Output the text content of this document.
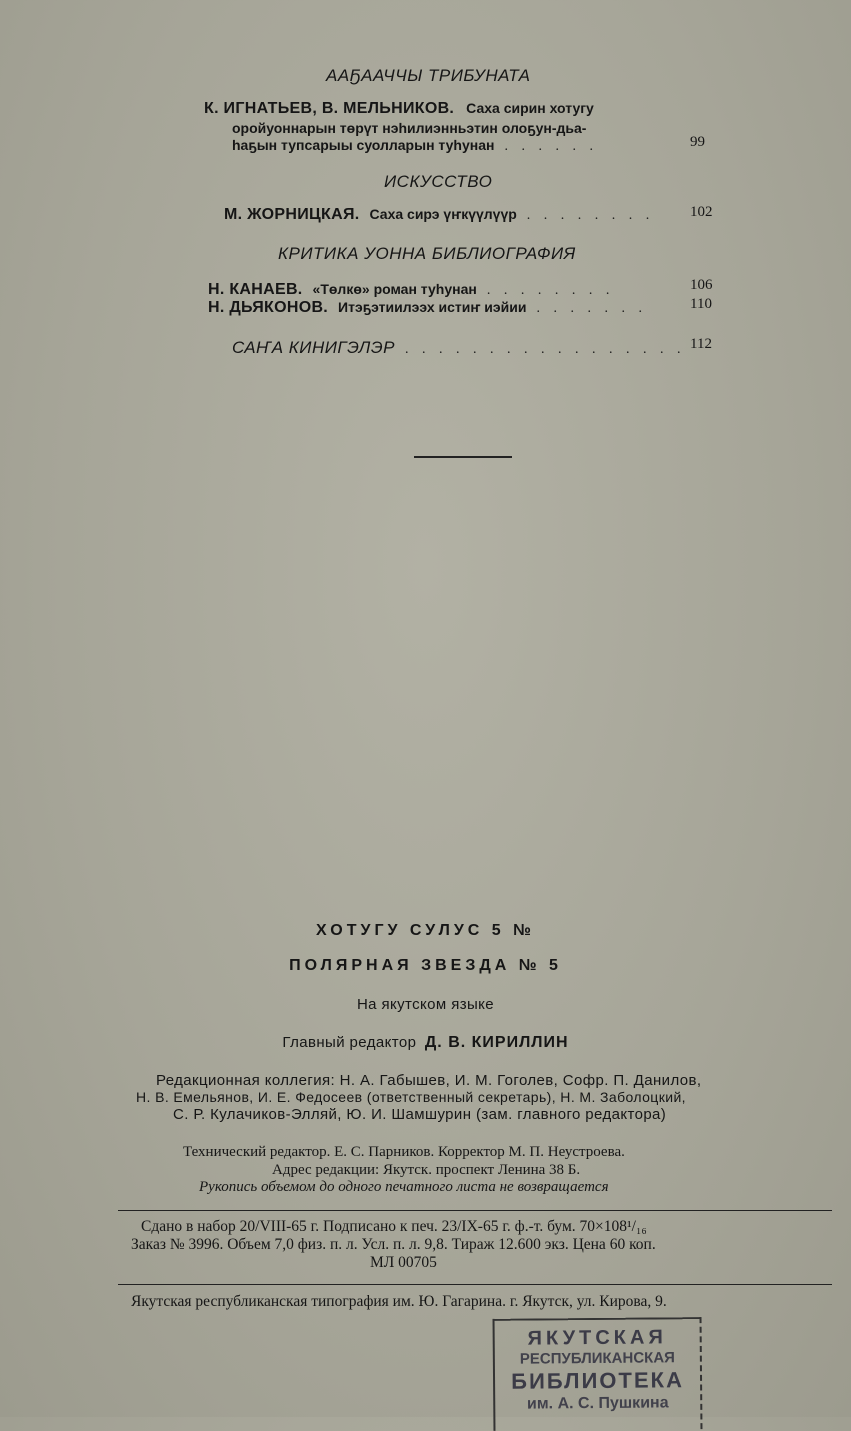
ААҔААЧЧЫ ТРИБУНАТА
К. ИГНАТЬЕВ, В. МЕЛЬНИКОВ. Саха сирин хотугу
оройуоннарын төрүт нэһилиэнньэтин олоҕун-дьа-
һаҕын тупсарыы суолларын туһунан . . . . . .	99
ИСКУССТВО
М. ЖОРНИЦКАЯ. Саха сирэ үҥкүүлүүр . . . . . . . . 102
КРИТИКА УОННА БИБЛИОГРАФИЯ
Н. КАНАЕВ. «Төлкө» роман туһунан . . . . . . . .	106
Н. ДЬЯКОНОВ. Итэҕэтиилээх истиҥ иэйии . . . . . . .	110
САҤА КИНИГЭЛЭР . . . . . . . . . . . . . . . . . 112
ХОТУГУ СУЛУС 5 №
ПОЛЯРНАЯ ЗВЕЗДА № 5
На якутском языке
Главный редактор Д. В. КИРИЛЛИН
Редакционная коллегия: Н. А. Габышев, И. М. Гоголев, Софр. П. Данилов,
Н. В. Емельянов, И. Е. Федосеев (ответственный секретарь), Н. М. Заболоцкий,
С. Р. Кулачиков-Элляй, Ю. И. Шамшурин (зам. главного редактора)
Технический редактор. Е. С. Парников. Корректор М. П. Неустроева.
Адрес редакции: Якутск. проспект Ленина 38 Б.
Рукопись объемом до одного печатного листа не возвращается
Сдано в набор 20/VIII-65 г. Подписано к печ. 23/IX-65 г. ф.-т. бум. 70×108¹/₁₆
Заказ № 3996. Объем 7,0 физ. п. л. Усл. п. л. 9,8. Тираж 12.600 экз. Цена 60 коп.
МЛ 00705
Якутская республиканская типография им. Ю. Гагарина. г. Якутск, ул. Кирова, 9.
ЯКУТСКАЯ
РЕСПУБЛИКАНСКАЯ
БИБЛИОТЕКА
им. А. С. Пушкина
